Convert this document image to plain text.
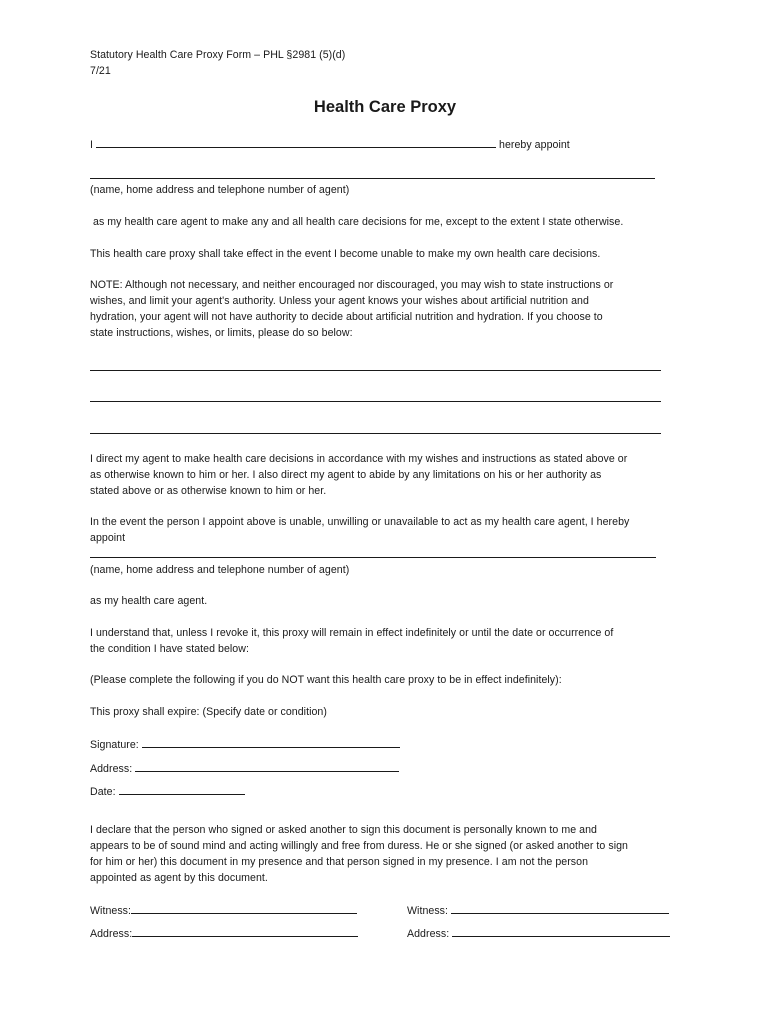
Statutory Health Care Proxy Form – PHL §2981 (5)(d)
7/21
Health Care Proxy
I	hereby appoint
(name, home address and telephone number of agent)
as my health care agent to make any and all health care decisions for me, except to the extent I state otherwise.
This health care proxy shall take effect in the event I become unable to make my own health care decisions.
NOTE: Although not necessary, and neither encouraged nor discouraged, you may wish to state instructions or
wishes, and limit your agent's authority. Unless your agent knows your wishes about artificial nutrition and
hydration, your agent will not have authority to decide about artificial nutrition and hydration. If you choose to
state instructions, wishes, or limits, please do so below:
I direct my agent to make health care decisions in accordance with my wishes and instructions as stated above or
as otherwise known to him or her. I also direct my agent to abide by any limitations on his or her authority as
stated above or as otherwise known to him or her.
In the event the person I appoint above is unable, unwilling or unavailable to act as my health care agent, I hereby
appoint
(name, home address and telephone number of agent)
as my health care agent.
I understand that, unless I revoke it, this proxy will remain in effect indefinitely or until the date or occurrence of
the condition I have stated below:
(Please complete the following if you do NOT want this health care proxy to be in effect indefinitely):
This proxy shall expire: (Specify date or condition)
Signature:
Address:
Date:
I declare that the person who signed or asked another to sign this document is personally known to me and
appears to be of sound mind and acting willingly and free from duress. He or she signed (or asked another to sign
for him or her) this document in my presence and that person signed in my presence. I am not the person
appointed as agent by this document.
Witness:	Witness:
Address:	Address:
